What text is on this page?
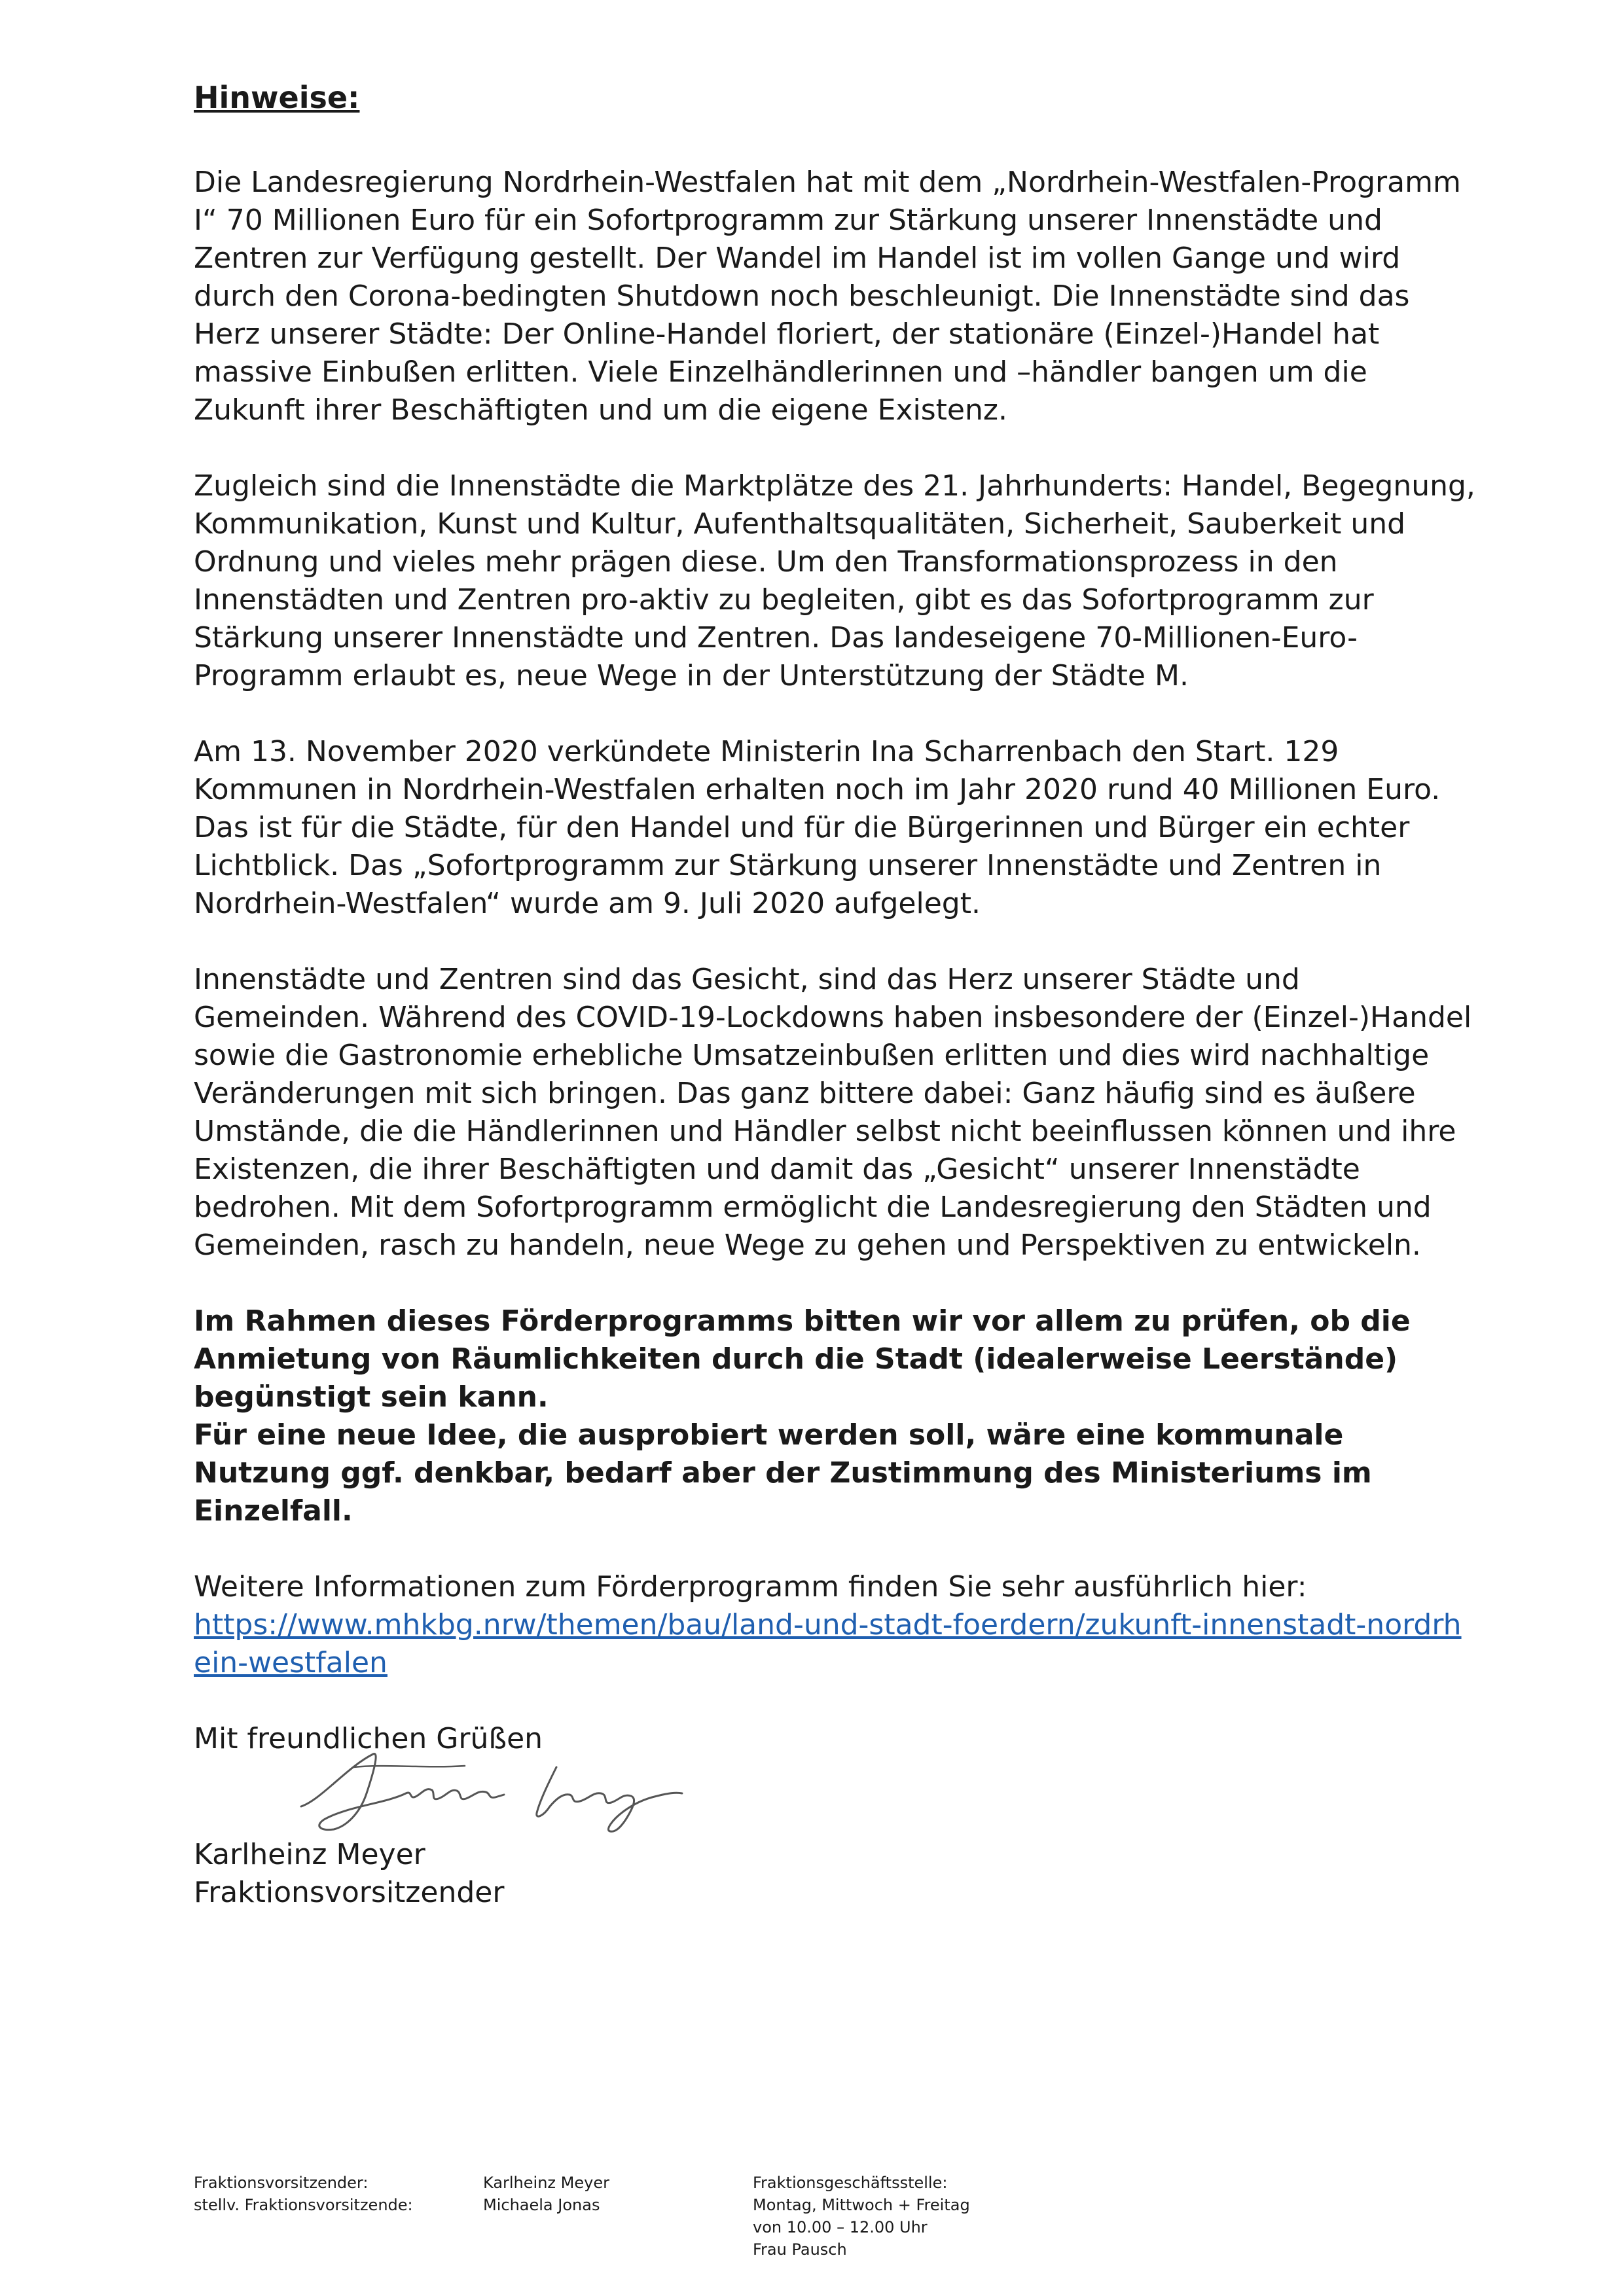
Hinweise:

Die Landesregierung Nordrhein-Westfalen hat mit dem „Nordrhein-Westfalen-Programm I“ 70 Millionen Euro für ein Sofortprogramm zur Stärkung unserer Innenstädte und Zentren zur Verfügung gestellt. Der Wandel im Handel ist im vollen Gange und wird durch den Corona-bedingten Shutdown noch beschleunigt. Die Innenstädte sind das Herz unserer Städte: Der Online-Handel floriert, der stationäre (Einzel-)Handel hat massive Einbußen erlitten. Viele Einzelhändlerinnen und –händler bangen um die Zukunft ihrer Beschäftigten und um die eigene Existenz.

Zugleich sind die Innenstädte die Marktplätze des 21. Jahrhunderts: Handel, Begegnung, Kommunikation, Kunst und Kultur, Aufenthaltsqualitäten, Sicherheit, Sauberkeit und Ordnung und vieles mehr prägen diese. Um den Transformationsprozess in den Innenstädten und Zentren pro-aktiv zu begleiten, gibt es das Sofortprogramm zur Stärkung unserer Innenstädte und Zentren. Das landeseigene 70-Millionen-Euro-Programm erlaubt es, neue Wege in der Unterstützung der Städte M.

Am 13. November 2020 verkündete Ministerin Ina Scharrenbach den Start. 129 Kommunen in Nordrhein-Westfalen erhalten noch im Jahr 2020 rund 40 Millionen Euro. Das ist für die Städte, für den Handel und für die Bürgerinnen und Bürger ein echter Lichtblick. Das „Sofortprogramm zur Stärkung unserer Innenstädte und Zentren in Nordrhein-Westfalen“ wurde am 9. Juli 2020 aufgelegt.

Innenstädte und Zentren sind das Gesicht, sind das Herz unserer Städte und Gemeinden. Während des COVID-19-Lockdowns haben insbesondere der (Einzel-)Handel sowie die Gastronomie erhebliche Umsatzeinbußen erlitten und dies wird nachhaltige Veränderungen mit sich bringen. Das ganz bittere dabei: Ganz häufig sind es äußere Umstände, die die Händlerinnen und Händler selbst nicht beeinflussen können und ihre Existenzen, die ihrer Beschäftigten und damit das „Gesicht“ unserer Innenstädte bedrohen. Mit dem Sofortprogramm ermöglicht die Landesregierung den Städten und Gemeinden, rasch zu handeln, neue Wege zu gehen und Perspektiven zu entwickeln.

Im Rahmen dieses Förderprogramms bitten wir vor allem zu prüfen, ob die Anmietung von Räumlichkeiten durch die Stadt (idealerweise Leerstände) begünstigt sein kann.

Für eine neue Idee, die ausprobiert werden soll, wäre eine kommunale Nutzung ggf. denkbar, bedarf aber der Zustimmung des Ministeriums im Einzelfall.

Weitere Informationen zum Förderprogramm finden Sie sehr ausführlich hier:
https://www.mhkbg.nrw/themen/bau/land-und-stadt-foerdern/zukunft-innenstadt-nordrhein-westfalen

Mit freundlichen Grüßen

Karlheinz Meyer
Fraktionsvorsitzender
Fraktionsvorsitzender:
stellv. Fraktionsvorsitzende:
Karlheinz Meyer
Michaela Jonas
Fraktionsgeschäftsstelle:
Montag, Mittwoch + Freitag
von 10.00 – 12.00 Uhr
Frau Pausch
